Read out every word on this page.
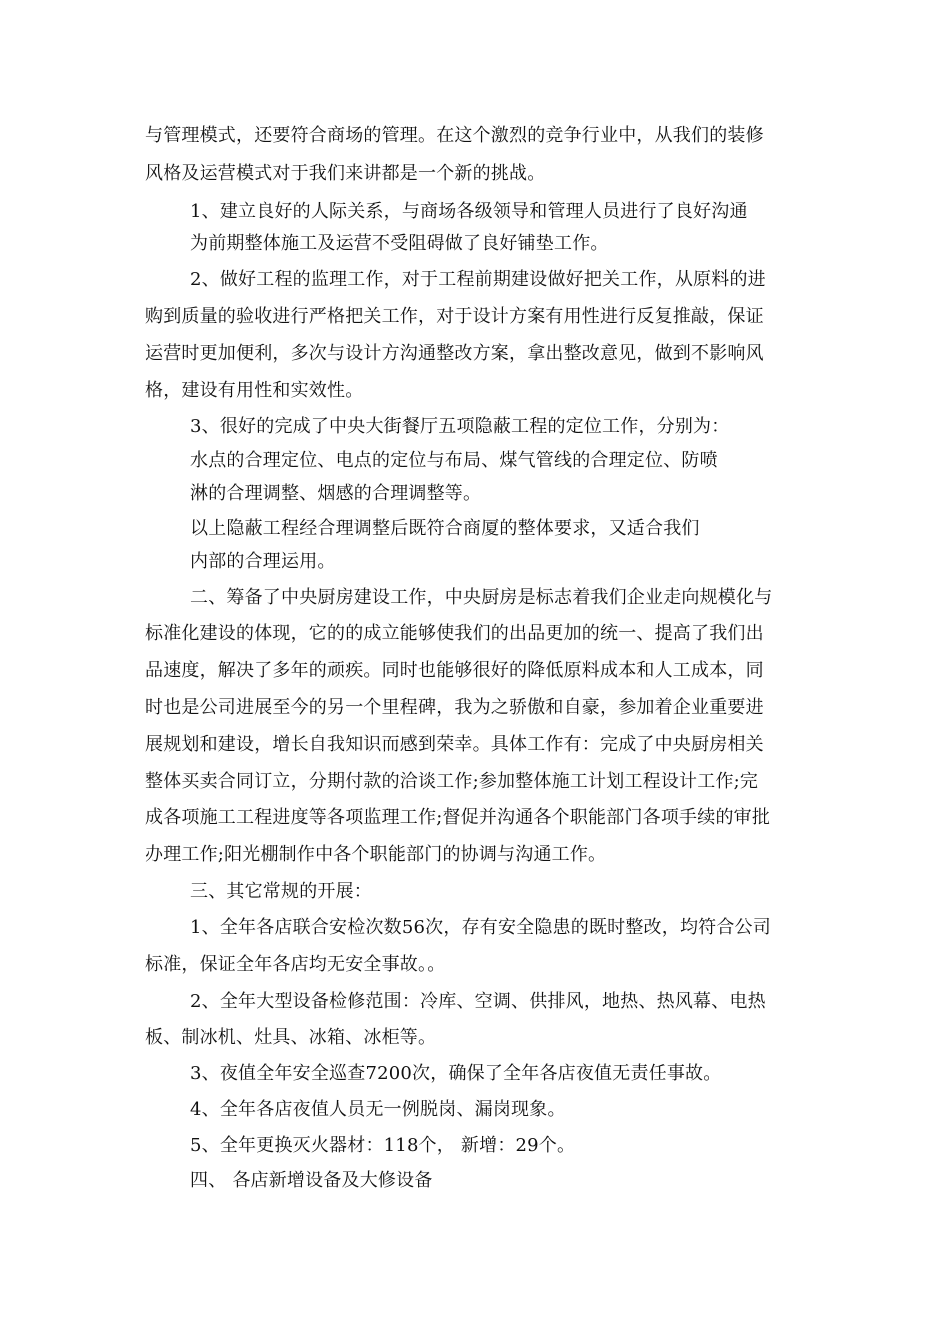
与管理模式，还要符合商场的管理。在这个激烈的竞争行业中，从我们的装修
风格及运营模式对于我们来讲都是一个新的挑战。
1、建立良好的人际关系，与商场各级领导和管理人员进行了良好沟通
为前期整体施工及运营不受阻碍做了良好铺垫工作。
2、做好工程的监理工作，对于工程前期建设做好把关工作，从原料的进
购到质量的验收进行严格把关工作，对于设计方案有用性进行反复推敲，保证
运营时更加便利，多次与设计方沟通整改方案，拿出整改意见，做到不影响风
格，建设有用性和实效性。
3、很好的完成了中央大街餐厅五项隐蔽工程的定位工作，分别为：
水点的合理定位、电点的定位与布局、煤气管线的合理定位、防喷
淋的合理调整、烟感的合理调整等。
以上隐蔽工程经合理调整后既符合商厦的整体要求，又适合我们
内部的合理运用。
二、筹备了中央厨房建设工作，中央厨房是标志着我们企业走向规模化与
标准化建设的体现，它的的成立能够使我们的出品更加的统一、提高了我们出
品速度，解决了多年的顽疾。同时也能够很好的降低原料成本和人工成本，同
时也是公司进展至今的另一个里程碑，我为之骄傲和自豪，参加着企业重要进
展规划和建设，增长自我知识而感到荣幸。具体工作有：完成了中央厨房相关
整体买卖合同订立，分期付款的洽谈工作;参加整体施工计划工程设计工作;完
成各项施工工程进度等各项监理工作;督促并沟通各个职能部门各项手续的审批
办理工作;阳光棚制作中各个职能部门的协调与沟通工作。
三、其它常规的开展：
1、全年各店联合安检次数56次，存有安全隐患的既时整改，均符合公司
标准，保证全年各店均无安全事故。。
2、全年大型设备检修范围：冷库、空调、供排风，地热、热风幕、电热
板、制冰机、灶具、冰箱、冰柜等。
3、夜值全年安全巡查7200次，确保了全年各店夜值无责任事故。
4、全年各店夜值人员无一例脱岗、漏岗现象。
5、全年更换灭火器材：118个， 新增：29个。
四、 各店新增设备及大修设备
